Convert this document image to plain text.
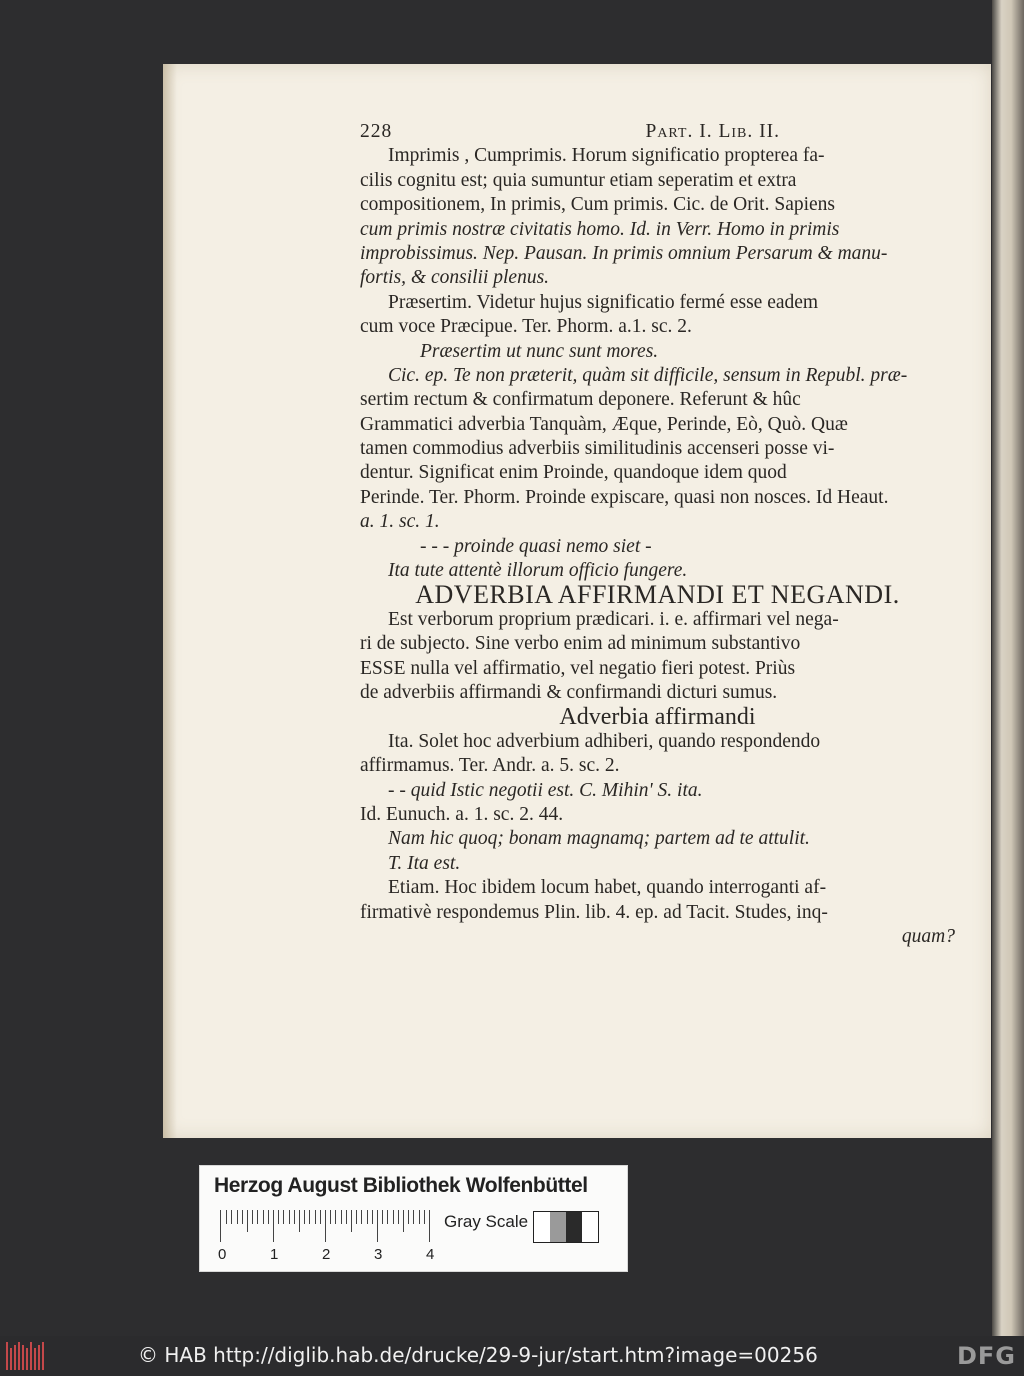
228	Part. I. Lib. II.
Imprimis , Cumprimis. Horum significatio propterea fa-
cilis cognitu est; quia sumuntur etiam seperatim et extra
compositionem, In primis, Cum primis. Cic. de Orit. Sapiens
cum primis nostræ civitatis homo. Id. in Verr. Homo in primis
improbissimus. Nep. Pausan. In primis omnium Persarum & manu-
fortis, & consilii plenus.
Præsertim. Videtur hujus significatio fermé esse eadem
cum voce Præcipue. Ter. Phorm. a.1. sc. 2.
Præsertim ut nunc sunt mores.
Cic. ep. Te non præterit, quàm sit difficile, sensum in Republ. præ-
sertim rectum & confirmatum deponere. Referunt & hûc
Grammatici adverbia Tanquàm, Æque, Perinde, Eò, Quò. Quæ
tamen commodius adverbiis similitudinis accenseri posse vi-
dentur. Significat enim Proinde, quandoque idem quod
Perinde. Ter. Phorm. Proinde expiscare, quasi non nosces. Id Heaut.
a. 1. sc. 1.
- - - proinde quasi nemo siet -
Ita tute attentè illorum officio fungere.
ADVERBIA AFFIRMANDI ET NEGANDI.
Est verborum proprium prædicari. i. e. affirmari vel nega-
ri de subjecto. Sine verbo enim ad minimum substantivo
ESSE nulla vel affirmatio, vel negatio fieri potest. Priùs
de adverbiis affirmandi & confirmandi dicturi sumus.
Adverbia affirmandi
Ita. Solet hoc adverbium adhiberi, quando respondendo
affirmamus. Ter. Andr. a. 5. sc. 2.
- - quid Istic negotii est. C. Mihin' S. ita.
Id. Eunuch. a. 1. sc. 2. 44.
Nam hic quoq; bonam magnamq; partem ad te attulit.
T. Ita est.
Etiam. Hoc ibidem locum habet, quando interroganti af-
firmativè respondemus Plin. lib. 4. ep. ad Tacit. Studes, inq-
quam?
Herzog August Bibliothek Wolfenbüttel
0	1	2	3	4
Gray Scale
© HAB http://diglib.hab.de/drucke/29-9-jur/start.htm?image=00256	DFG
